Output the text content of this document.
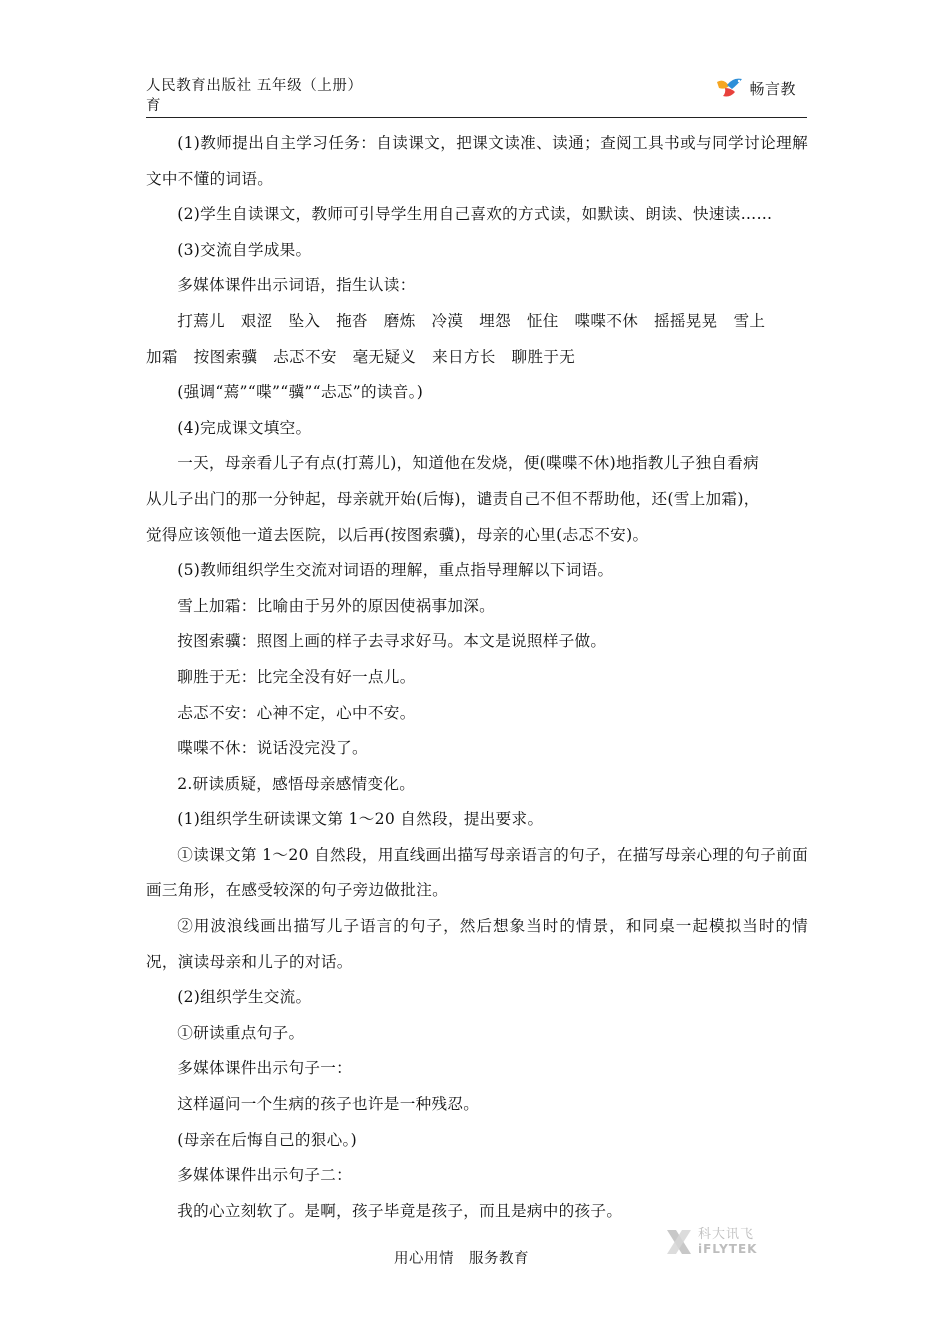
人民教育出版社 五年级（上册）
育
畅言教

(1)教师提出自主学习任务：自读课文，把课文读准、读通；查阅工具书或与同学讨论理解文中不懂的词语。

(2)学生自读课文，教师可引导学生用自己喜欢的方式读，如默读、朗读、快速读……

(3)交流自学成果。

多媒体课件出示词语，指生认读：

打蔫儿　艰涩　坠入　拖沓　磨炼　冷漠　埋怨　怔住　喋喋不休　摇摇晃晃　雪上

加霜　按图索骥　忐忑不安　毫无疑义　来日方长　聊胜于无

(强调“蔫”“喋”“骥”“忐忑”的读音。)

(4)完成课文填空。

一天，母亲看儿子有点(打蔫儿)，知道他在发烧，便(喋喋不休)地指教儿子独自看病

从儿子出门的那一分钟起，母亲就开始(后悔)，谴责自己不但不帮助他，还(雪上加霜)，

觉得应该领他一道去医院，以后再(按图索骥)，母亲的心里(忐忑不安)。

(5)教师组织学生交流对词语的理解，重点指导理解以下词语。

雪上加霜：比喻由于另外的原因使祸事加深。

按图索骥：照图上画的样子去寻求好马。本文是说照样子做。

聊胜于无：比完全没有好一点儿。

忐忑不安：心神不定，心中不安。

喋喋不休：说话没完没了。

2.研读质疑，感悟母亲感情变化。

(1)组织学生研读课文第 1～20 自然段，提出要求。

①读课文第 1～20 自然段，用直线画出描写母亲语言的句子，在描写母亲心理的句子前面画三角形，在感受较深的句子旁边做批注。

②用波浪线画出描写儿子语言的句子，然后想象当时的情景，和同桌一起模拟当时的情况，演读母亲和儿子的对话。

(2)组织学生交流。

①研读重点句子。

多媒体课件出示句子一：

这样逼问一个生病的孩子也许是一种残忍。

(母亲在后悔自己的狠心。)

多媒体课件出示句子二：

我的心立刻软了。是啊，孩子毕竟是孩子，而且是病中的孩子。

用心用情　服务教育
科大讯飞
iFLYTEK
